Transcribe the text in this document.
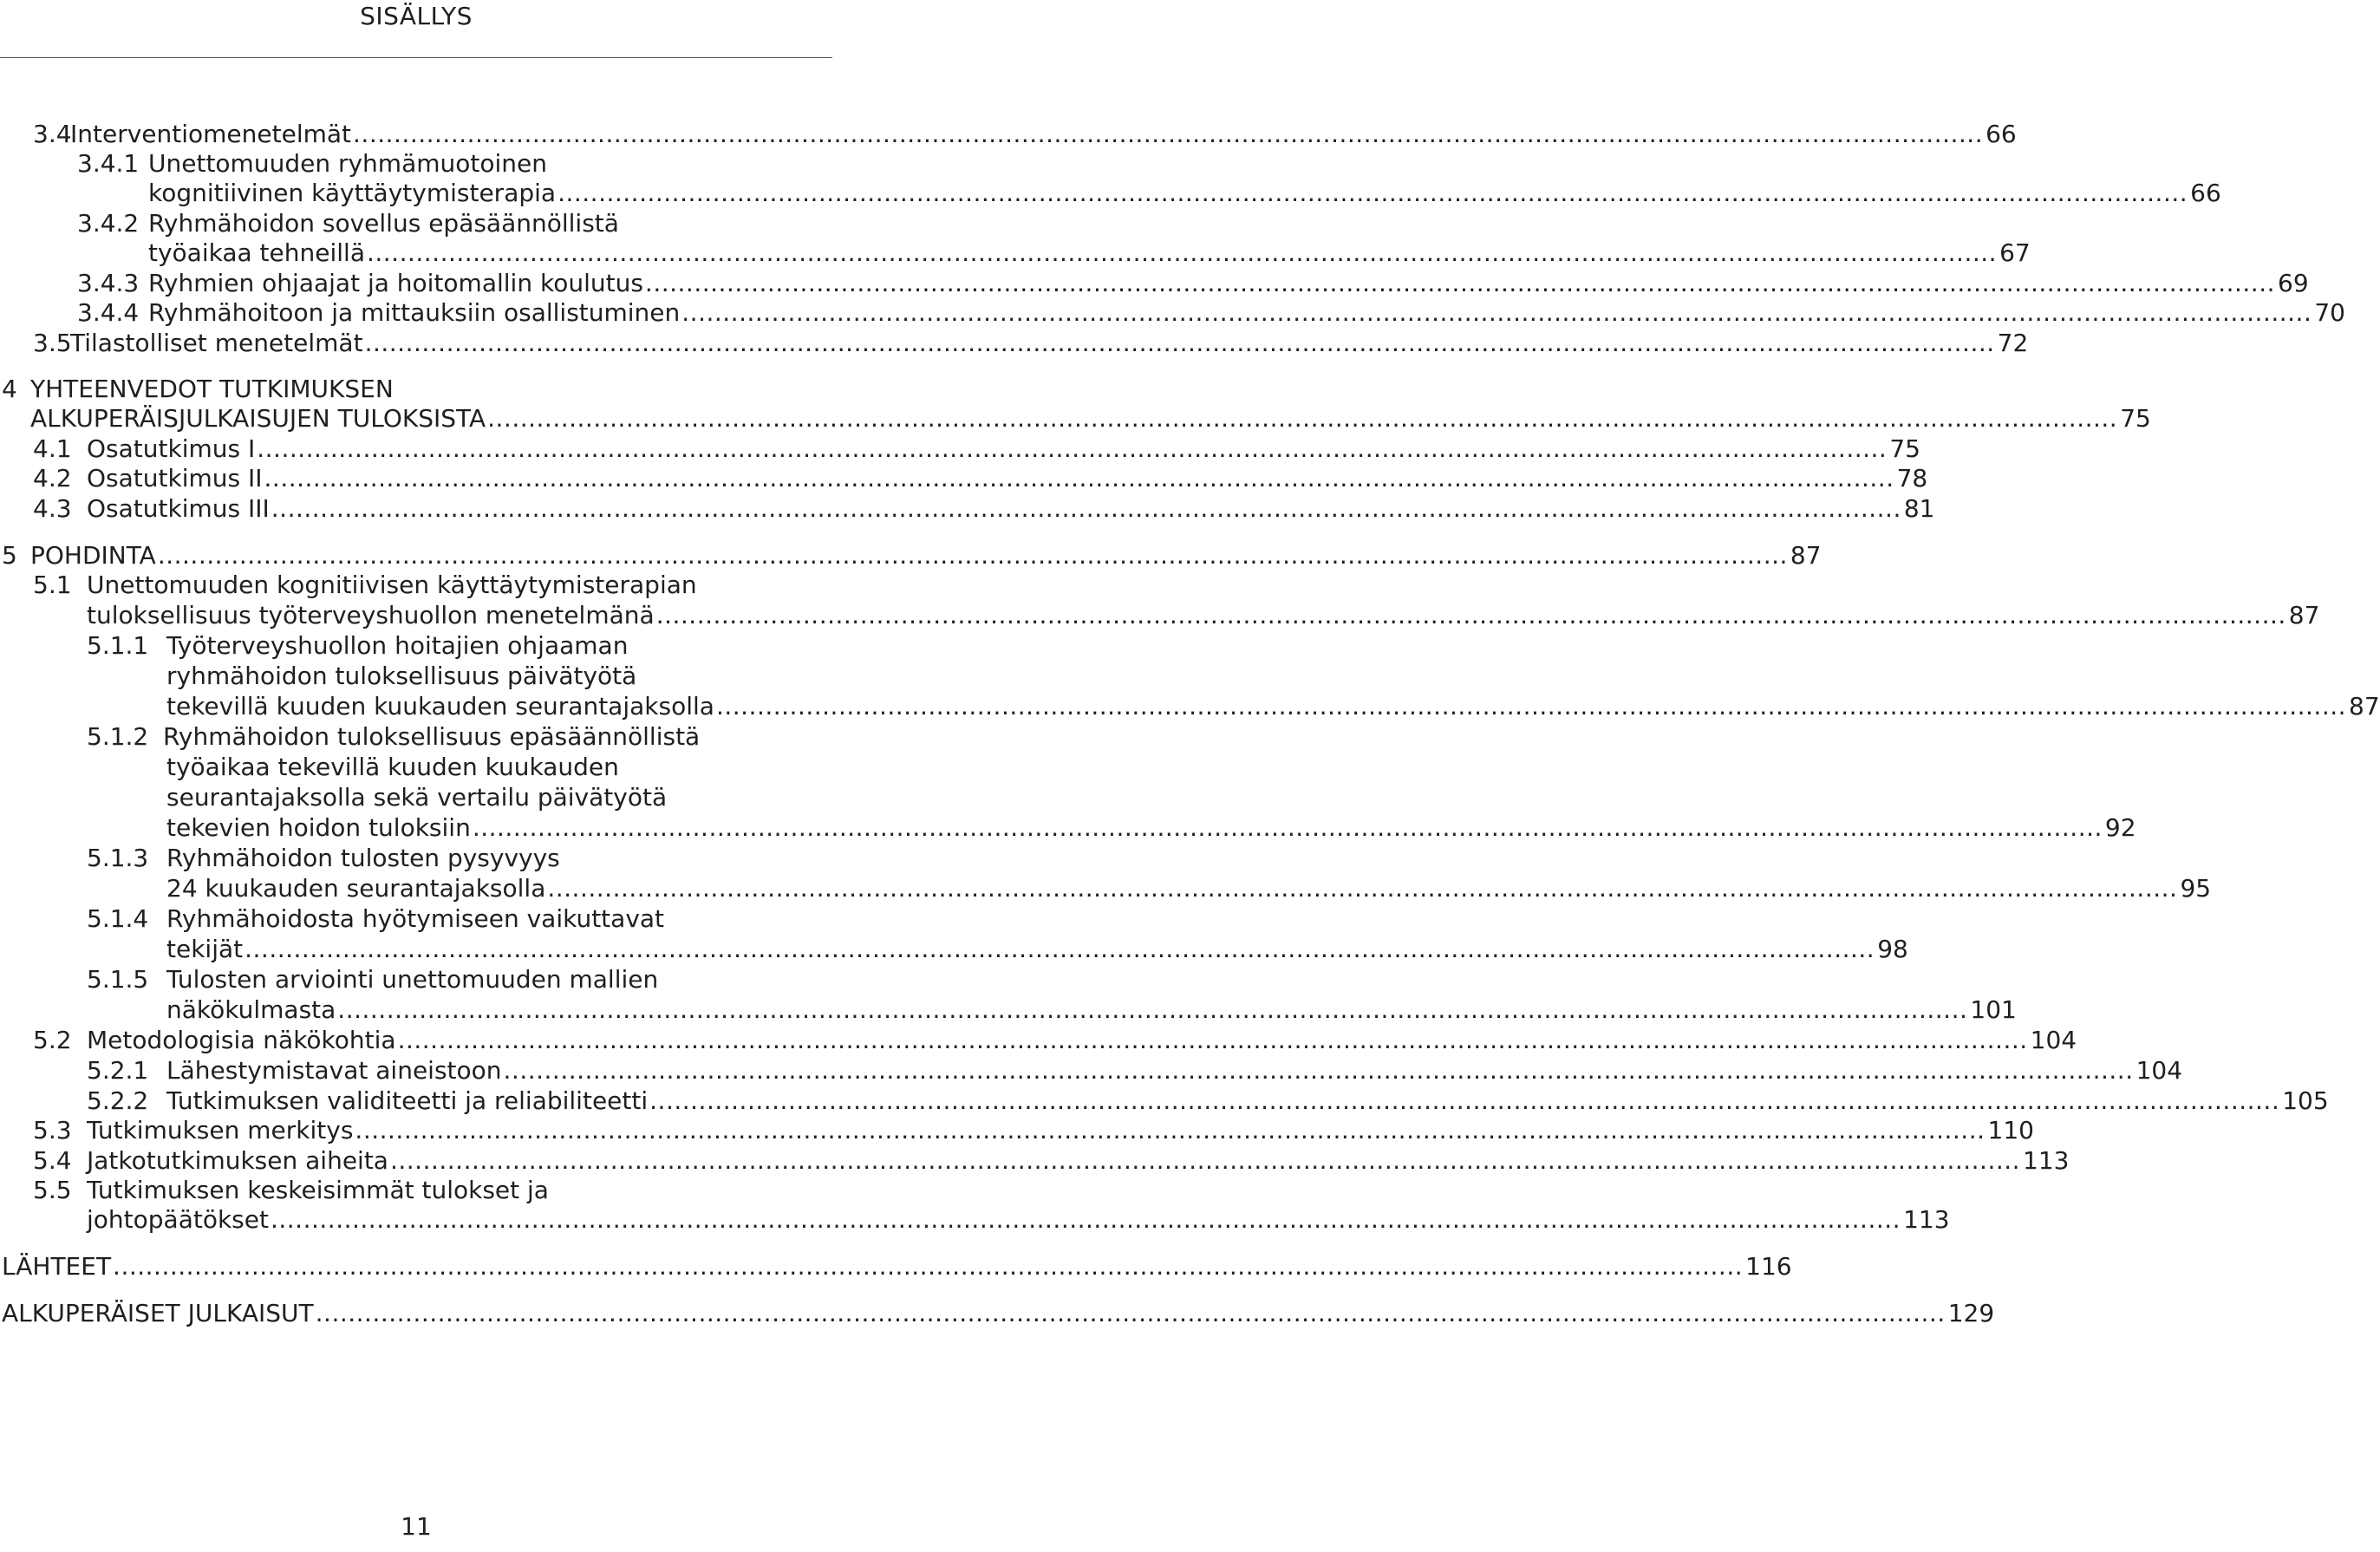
SISÄLLYS
3.4
Interventiomenetelmät ........................................................................................................................................................................................................ 66
3.4.1 Unettomuuden ryhmämuotoinen
kognitiivinen käyttäytymisterapia ........................................................................................................................................................................................................ 66
3.4.2 Ryhmähoidon sovellus epäsäännöllistä
työaikaa tehneillä ........................................................................................................................................................................................................ 67
3.4.3 Ryhmien ohjaajat ja hoitomallin koulutus ........................................................................................................................................................................................................ 69
3.4.4 Ryhmähoitoon ja mittauksiin osallistuminen ........................................................................................................................................................................................................ 70
3.5
Tilastolliset menetelmät ........................................................................................................................................................................................................ 72
4 YHTEENVEDOT TUTKIMUKSEN
ALKUPERÄISJULKAISUJEN TULOKSISTA ........................................................................................................................................................................................................ 75
4.1 Osatutkimus I ........................................................................................................................................................................................................ 75
4.2 Osatutkimus II ........................................................................................................................................................................................................ 78
4.3 Osatutkimus III ........................................................................................................................................................................................................ 81
5 POHDINTA ........................................................................................................................................................................................................ 87
5.1 Unettomuuden kognitiivisen käyttäytymisterapian
tuloksellisuus työterveyshuollon menetelmänä ........................................................................................................................................................................................................ 87
5.1.1 Työterveyshuollon hoitajien ohjaaman
ryhmähoidon tuloksellisuus päivätyötä
tekevillä kuuden kuukauden seurantajaksolla ........................................................................................................................................................................................................ 87
5.1.2 Ryhmähoidon tuloksellisuus epäsäännöllistä
työaikaa tekevillä kuuden kuukauden
seurantajaksolla sekä vertailu päivätyötä
tekevien hoidon tuloksiin ........................................................................................................................................................................................................ 92
5.1.3 Ryhmähoidon tulosten pysyvyys
24 kuukauden seurantajaksolla ........................................................................................................................................................................................................ 95
5.1.4 Ryhmähoidosta hyötymiseen vaikuttavat
tekijät ........................................................................................................................................................................................................ 98
5.1.5 Tulosten arviointi unettomuuden mallien
näkökulmasta ........................................................................................................................................................................................................ 101
5.2 Metodologisia näkökohtia ........................................................................................................................................................................................................ 104
5.2.1 Lähestymistavat aineistoon ........................................................................................................................................................................................................ 104
5.2.2 Tutkimuksen validiteetti ja reliabiliteetti ........................................................................................................................................................................................................ 105
5.3 Tutkimuksen merkitys ........................................................................................................................................................................................................ 110
5.4 Jatkotutkimuksen aiheita ........................................................................................................................................................................................................ 113
5.5 Tutkimuksen keskeisimmät tulokset ja
johtopäätökset ........................................................................................................................................................................................................ 113
LÄHTEET ........................................................................................................................................................................................................ 116
ALKUPERÄISET JULKAISUT ........................................................................................................................................................................................................ 129
11
